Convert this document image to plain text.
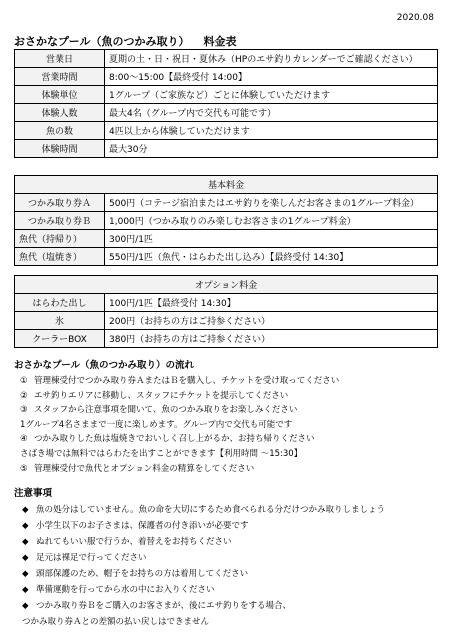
2020.08
おさかなプール（魚のつかみ取り） 料金表
営業日	夏期の土・日・祝日・夏休み（HPのエサ釣りカレンダーでご確認ください）
営業時間	8:00～15:00【最終受付 14:00】
体験単位	1グループ（ご家族など）ごとに体験していただけます
体験人数	最大4名（グループ内で交代も可能です）
魚の数	4匹以上から体験していただけます
体験時間	最大30分
基本料金	
つかみ取り券Ａ	500円（コテージ宿泊またはエサ釣りを楽しんだお客さまの1グループ料金）
つかみ取り券Ｂ	1,000円（つかみ取りのみ楽しむお客さまの1グループ料金）
魚代（持帰り）	300円/1匹
魚代（塩焼き）	550円/1匹（魚代・はらわた出し込み）【最終受付 14:30】
オプション料金	
はらわた出し	100円/1匹【最終受付 14:30】
氷	200円（お持ちの方はご持参ください）
クーラーBOX	380円（お持ちの方はご持参ください）
おさかなプール（魚のつかみ取り）の流れ
① 管理棟受付でつかみ取り券ＡまたはＢを購入し、チケットを受け取ってください
② エサ釣りエリアに移動し、スタッフにチケットを提示してください
③ スタッフから注意事項を聞いて、魚のつかみ取りをお楽しみください
1グループ4名さままで一度に楽しめます。グループ内で交代も可能です
④ つかみ取りした魚は塩焼きでおいしく召し上がるか、お持ち帰りください
さばき場では無料ではらわたを出すことができます【利用時間 ～15:30】
⑤ 管理棟受付で魚代とオプション料金の精算をしてください
注意事項
◆ 魚の処分はしていません。魚の命を大切にするため食べられる分だけつかみ取りしましょう
◆ 小学生以下のお子さまは、保護者の付き添いが必要です
◆ ぬれてもいい服で行うか、着替えをお持ちください
◆ 足元は裸足で行ってください
◆ 頭部保護のため、帽子をお持ちの方は着用してください
◆ 準備運動を行ってから水の中にお入りください
◆ つかみ取り券Ｂをご購入のお客さまが、後にエサ釣りをする場合、
つかみ取り券Ａとの差額の払い戻しはできません
